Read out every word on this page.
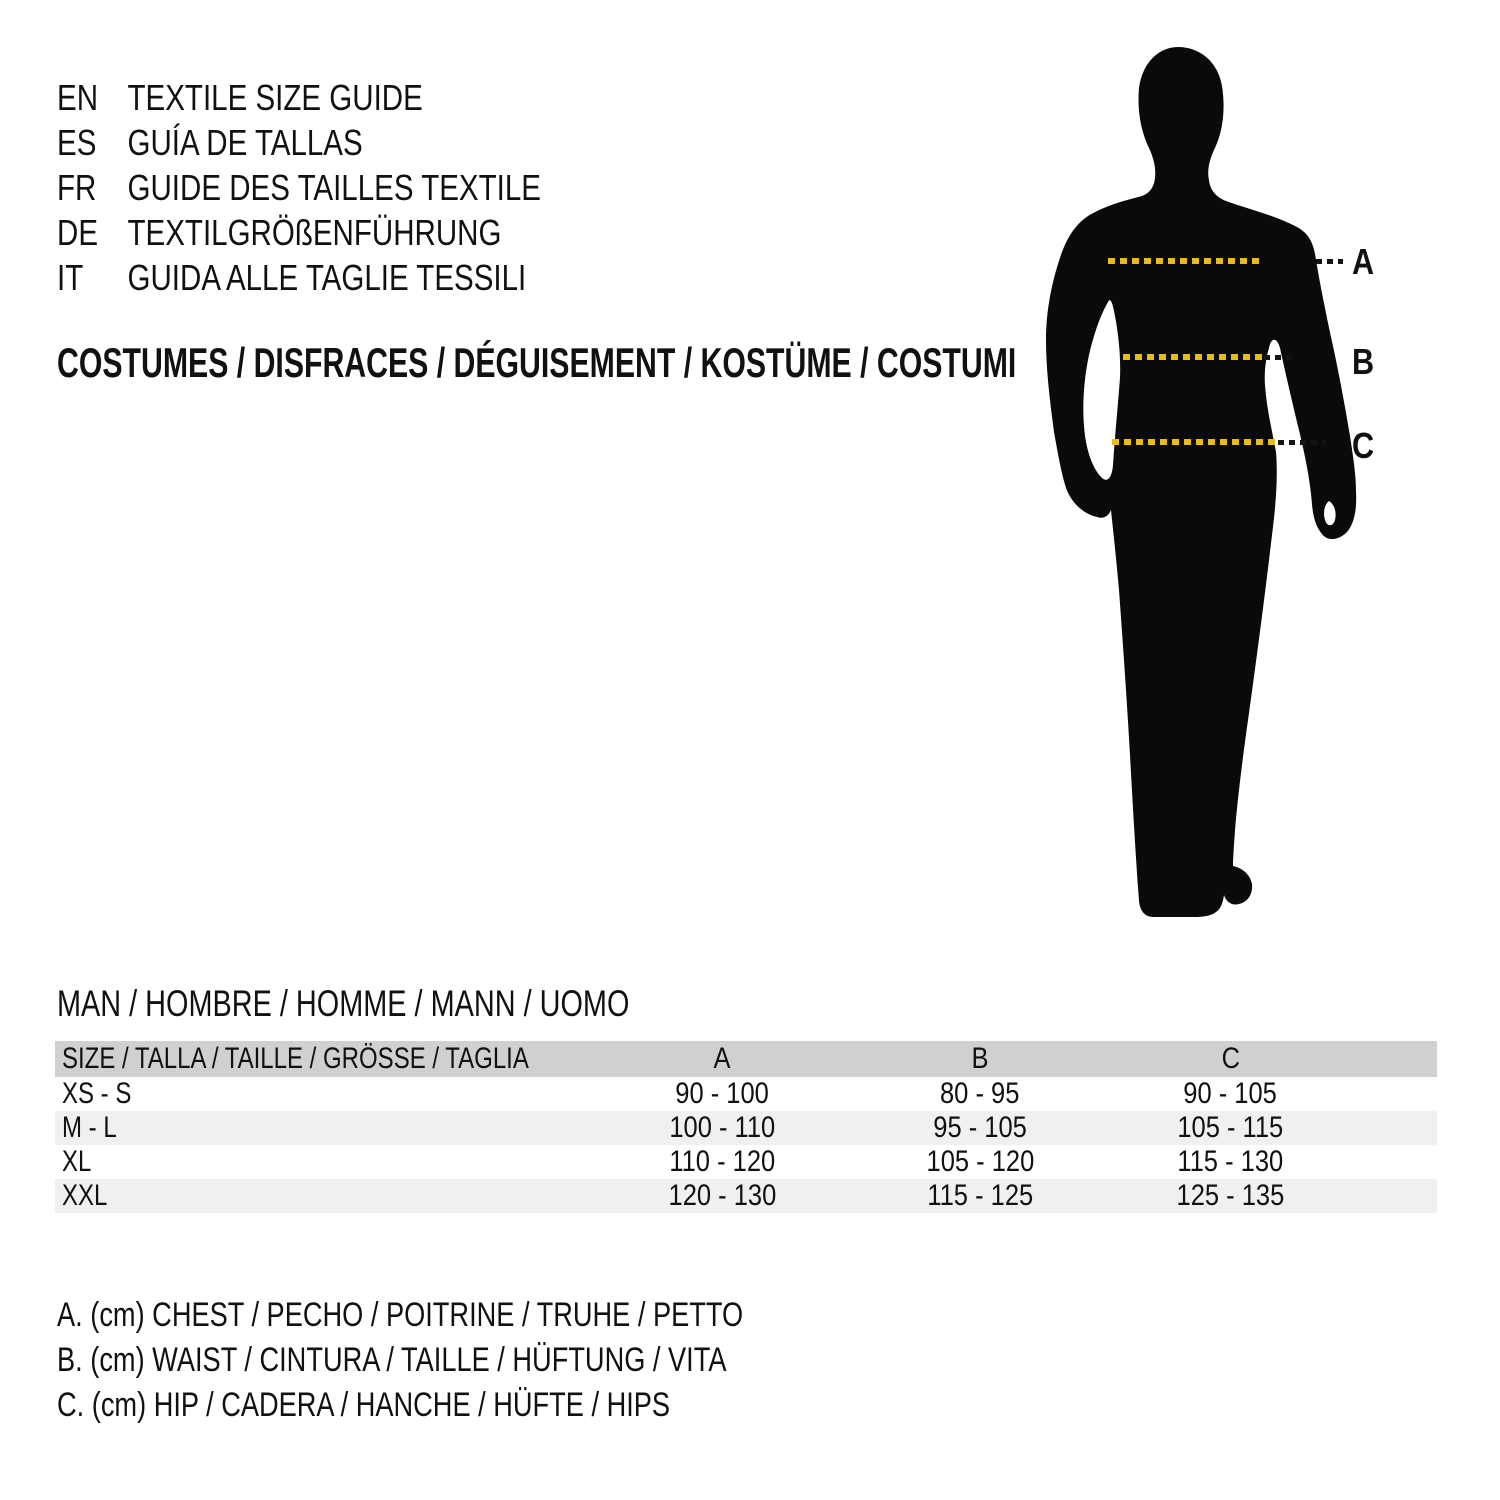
EN TEXTILE SIZE GUIDE
ES GUÍA DE TALLAS
FR GUIDE DES TAILLES TEXTILE
DE TEXTILGRÖßENFÜHRUNG
IT GUIDA ALLE TAGLIE TESSILI
COSTUMES / DISFRACES / DÉGUISEMENT / KOSTÜME / COSTUMI
A
B
C
MAN / HOMBRE / HOMME / MANN / UOMO
SIZE / TALLA / TAILLE / GRÖSSE / TAGLIA	A	B	C
XS - S	90 - 100	80 - 95	90 - 105
M - L	100 - 110	95 - 105	105 - 115
XL	110 - 120	105 - 120	115 - 130
XXL	120 - 130	115 - 125	125 - 135
A. (cm) CHEST / PECHO / POITRINE / TRUHE / PETTO
B. (cm) WAIST / CINTURA / TAILLE / HÜFTUNG / VITA
C. (cm) HIP / CADERA / HANCHE / HÜFTE / HIPS
